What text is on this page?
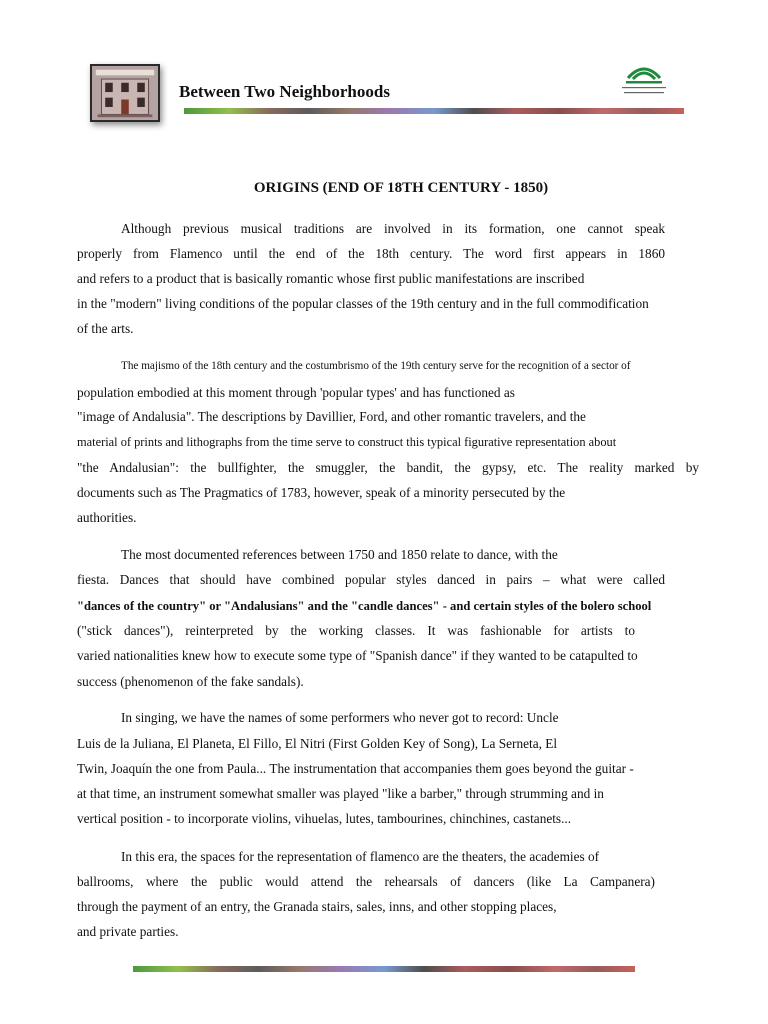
Between Two Neighborhoods
ORIGINS (END OF 18TH CENTURY - 1850)
Although previous musical traditions are involved in its formation, one cannot speak
properly from Flamenco until the end of the 18th century. The word first appears in 1860
and refers to a product that is basically romantic whose first public manifestations are inscribed
in the "modern" living conditions of the popular classes of the 19th century and in the full commodification
of the arts.
The majismo of the 18th century and the costumbrismo of the 19th century serve for the recognition of a sector of
population embodied at this moment through 'popular types' and has functioned as
"image of Andalusia". The descriptions by Davillier, Ford, and other romantic travelers, and the
material of prints and lithographs from the time serve to construct this typical figurative representation about
"the Andalusian": the bullfighter, the smuggler, the bandit, the gypsy, etc. The reality marked by
documents such as The Pragmatics of 1783, however, speak of a minority persecuted by the
authorities.
The most documented references between 1750 and 1850 relate to dance, with the
fiesta. Dances that should have combined popular styles danced in pairs – what were called
"dances of the country" or "Andalusians" and the "candle dances" - and certain styles of the bolero school
("stick dances"), reinterpreted by the working classes. It was fashionable for artists to
varied nationalities knew how to execute some type of "Spanish dance" if they wanted to be catapulted to
success (phenomenon of the fake sandals).
In singing, we have the names of some performers who never got to record: Uncle
Luis de la Juliana, El Planeta, El Fillo, El Nitri (First Golden Key of Song), La Serneta, El
Twin, Joaquín the one from Paula... The instrumentation that accompanies them goes beyond the guitar -
at that time, an instrument somewhat smaller was played "like a barber," through strumming and in
vertical position - to incorporate violins, vihuelas, lutes, tambourines, chinchines, castanets...
In this era, the spaces for the representation of flamenco are the theaters, the academies of
ballrooms, where the public would attend the rehearsals of dancers (like La Campanera)
through the payment of an entry, the Granada stairs, sales, inns, and other stopping places,
and private parties.
